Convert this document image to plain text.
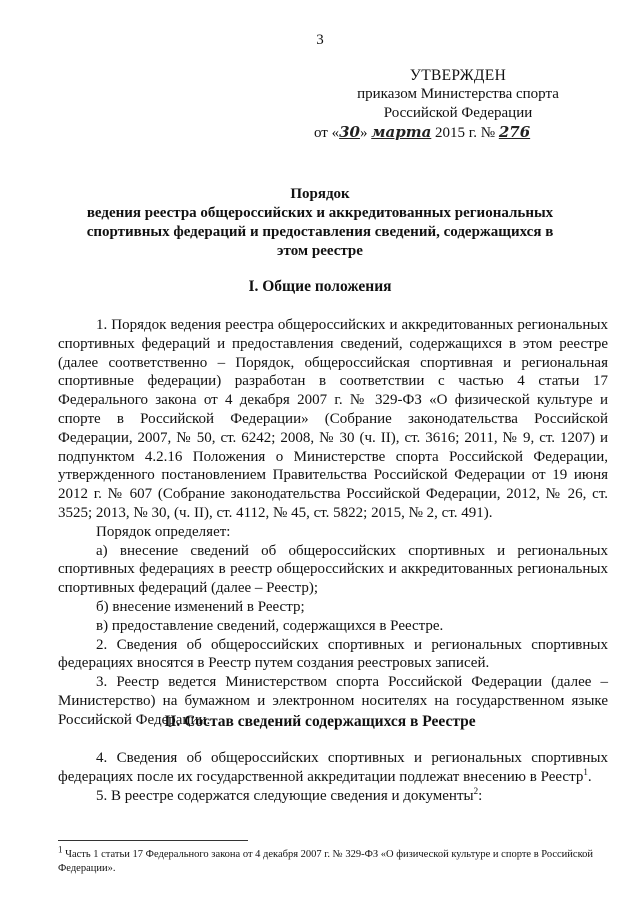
3
УТВЕРЖДЕН
приказом Министерства спорта
Российской Федерации
от «30» марта 2015 г. № 276
Порядок
ведения реестра общероссийских и аккредитованных региональных спортивных федераций и предоставления сведений, содержащихся в этом реестре
I. Общие положения

1. Порядок ведения реестра общероссийских и аккредитованных региональных спортивных федераций и предоставления сведений, содержащихся в этом реестре (далее соответственно – Порядок, общероссийская спортивная и региональная спортивные федерации) разработан в соответствии с частью 4 статьи 17 Федерального закона от 4 декабря 2007 г. № 329-ФЗ «О физической культуре и спорте в Российской Федерации» (Собрание законодательства Российской Федерации, 2007, № 50, ст. 6242; 2008, № 30 (ч. II), ст. 3616; 2011, № 9, ст. 1207) и подпунктом 4.2.16 Положения о Министерстве спорта Российской Федерации, утвержденного постановлением Правительства Российской Федерации от 19 июня 2012 г. № 607 (Собрание законодательства Российской Федерации, 2012, № 26, ст. 3525; 2013, № 30, (ч. II), ст. 4112, № 45, ст. 5822; 2015, № 2, ст. 491).

Порядок определяет:

а) внесение сведений об общероссийских спортивных и региональных спортивных федерациях в реестр общероссийских и аккредитованных региональных спортивных федераций (далее – Реестр);

б) внесение изменений в Реестр;

в) предоставление сведений, содержащихся в Реестре.

2. Сведения об общероссийских спортивных и региональных спортивных федерациях вносятся в Реестр путем создания реестровых записей.

3. Реестр ведется Министерством спорта Российской Федерации (далее – Министерство) на бумажном и электронном носителях на государственном языке Российской Федерации.

II. Состав сведений содержащихся в Реестре

4. Сведения об общероссийских спортивных и региональных спортивных федерациях после их государственной аккредитации подлежат внесению в Реестр$^1$.

5. В реестре содержатся следующие сведения и документы$^2$:

$^1$ Часть 1 статьи 17 Федерального закона от 4 декабря 2007 г. № 329-ФЗ «О физической культуре и спорте в Российской Федерации».
